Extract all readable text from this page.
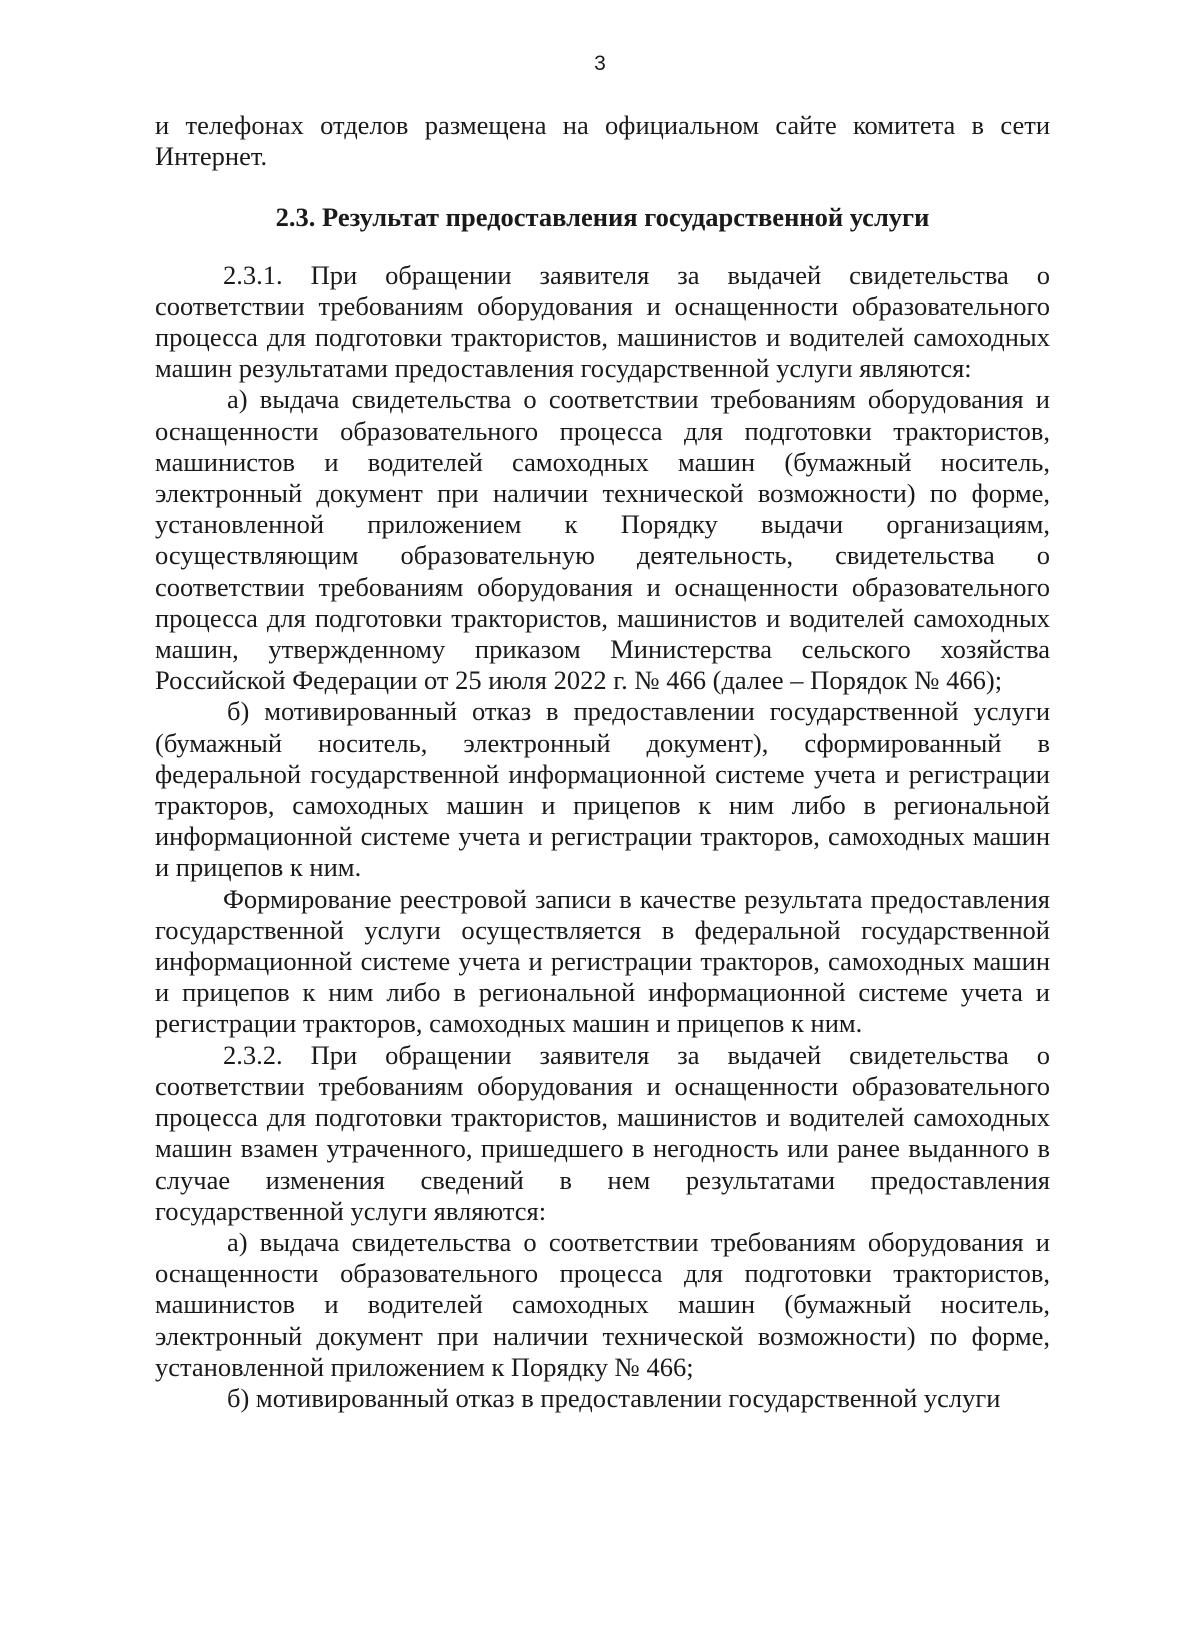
3

и телефонах отделов размещена на официальном сайте комитета в сети Интернет.

2.3. Результат предоставления государственной услуги

2.3.1. При обращении заявителя за выдачей свидетельства о соответствии требованиям оборудования и оснащенности образовательного процесса для подготовки трактористов, машинистов и водителей самоходных машин результатами предоставления государственной услуги являются:

а) выдача свидетельства о соответствии требованиям оборудования и оснащенности образовательного процесса для подготовки трактористов, машинистов и водителей самоходных машин (бумажный носитель, электронный документ при наличии технической возможности) по форме, установленной приложением к Порядку выдачи организациям, осуществляющим образовательную деятельность, свидетельства о соответствии требованиям оборудования и оснащенности образовательного процесса для подготовки трактористов, машинистов и водителей самоходных машин, утвержденному приказом Министерства сельского хозяйства Российской Федерации от 25 июля 2022 г. № 466 (далее – Порядок № 466);

б) мотивированный отказ в предоставлении государственной услуги (бумажный носитель, электронный документ), сформированный в федеральной государственной информационной системе учета и регистрации тракторов, самоходных машин и прицепов к ним либо в региональной информационной системе учета и регистрации тракторов, самоходных машин и прицепов к ним.

Формирование реестровой записи в качестве результата предоставления государственной услуги осуществляется в федеральной государственной информационной системе учета и регистрации тракторов, самоходных машин и прицепов к ним либо в региональной информационной системе учета и регистрации тракторов, самоходных машин и прицепов к ним.

2.3.2. При обращении заявителя за выдачей свидетельства о соответствии требованиям оборудования и оснащенности образовательного процесса для подготовки трактористов, машинистов и водителей самоходных машин взамен утраченного, пришедшего в негодность или ранее выданного в случае изменения сведений в нем результатами предоставления государственной услуги являются:

а) выдача свидетельства о соответствии требованиям оборудования и оснащенности образовательного процесса для подготовки трактористов, машинистов и водителей самоходных машин (бумажный носитель, электронный документ при наличии технической возможности) по форме, установленной приложением к Порядку № 466;

б) мотивированный отказ в предоставлении государственной услуги
